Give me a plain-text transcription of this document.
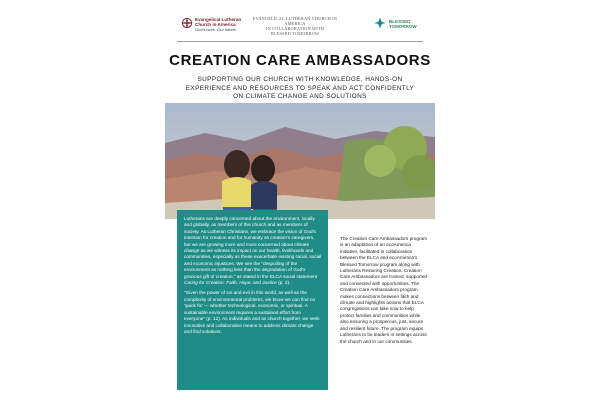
Evangelical Lutheran Church in America
God's work. Our hands.
EVANGELICAL LUTHERAN CHURCH IN AMERICA
IN COLLABORATION WITH
BLESSED TOMORROW
BLESSED
TOMORROW
CREATION CARE AMBASSADORS

SUPPORTING OUR CHURCH WITH KNOWLEDGE, HANDS-ON EXPERIENCE AND RESOURCES TO SPEAK AND ACT CONFIDENTLY ON CLIMATE CHANGE AND SOLUTIONS

Lutherans are deeply concerned about the environment, locally and globally, as members of this church and as members of society. As Lutheran Christians, we embrace the vision of God's intention for creation and for humanity as creation's caregivers, but we are growing more and more concerned about climate change as we witness its impact on our health, livelihoods and communities, especially as these exacerbate existing racial, social and economic injustices. We see the "despoiling of the environment as nothing less than the degradation of God's gracious gift of creation," as stated in the ELCA social statement Caring for Creation: Faith, Hope, and Justice (p. 2).

"Given the power of sin and evil in this world, as well as the complexity of environmental problems, we know we can find no 'quick fix' — whether technological, economic, or spiritual. A sustainable environment requires a sustained effort from everyone" (p. 12). As individuals and as church together, we seek innovative and collaborative means to address climate change and find solutions.

The Creation Care Ambassadors program is an adaptation of an ecoAmerica initiative, facilitated in collaboration between the ELCA and ecoAmerica's Blessed Tomorrow program along with Lutherans Restoring Creation. Creation Care Ambassadors are trained, supported and connected with opportunities. The Creation Care Ambassadors program makes connections between faith and climate and highlights actions that ELCA congregations can take now to help protect families and communities while also ensuring a prosperous, just, secure and resilient future. The program equips Lutherans to be leaders in settings across the church and in our communities.
